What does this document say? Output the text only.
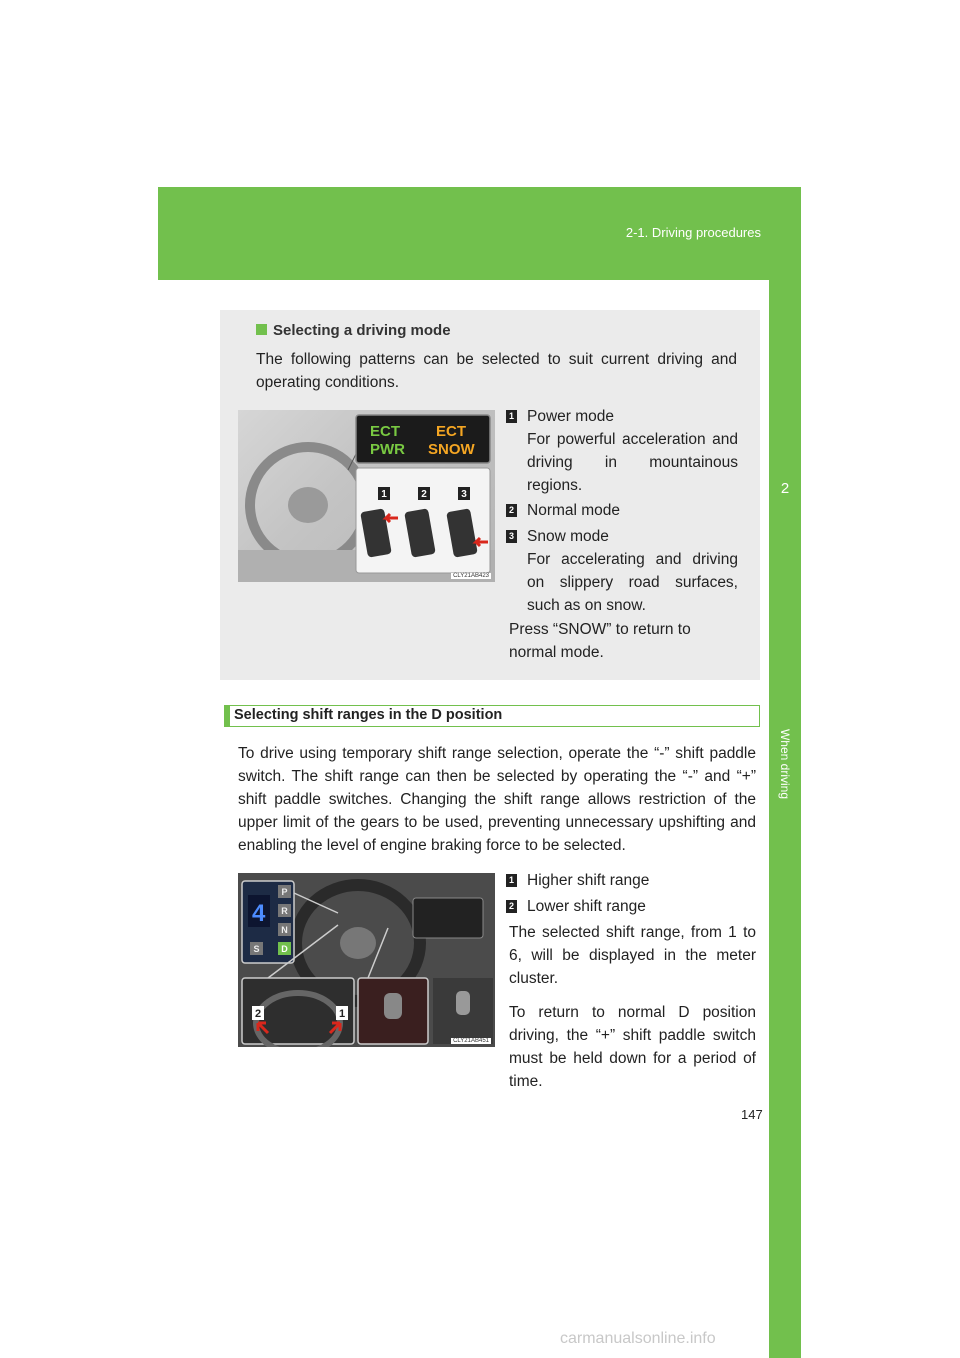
2-1. Driving procedures
2
When driving
Selecting a driving mode
The following patterns can be selected to suit current driving and operating conditions.
ECT
PWR
ECT
SNOW
1	2	3
CLY21AB423
1 Power mode
For powerful acceleration and driving in mountainous regions.
2 Normal mode
3 Snow mode
For accelerating and driving on slippery road surfaces, such as on snow.
Press “SNOW” to return to normal mode.
Selecting shift ranges in the D position
To drive using temporary shift range selection, operate the “-” shift paddle switch. The shift range can then be selected by operating the “-” and “+” shift paddle switches. Changing the shift range allows restriction of the upper limit of the gears to be used, preventing unnecessary upshifting and enabling the level of engine braking force to be selected.
4
P
R
N
D
S
2	1
CLY21AB451
1 Higher shift range
2 Lower shift range
The selected shift range, from 1 to 6, will be displayed in the meter cluster.
To return to normal D position driving, the “+” shift paddle switch must be held down for a period of time.
147
carmanualsonline.info
